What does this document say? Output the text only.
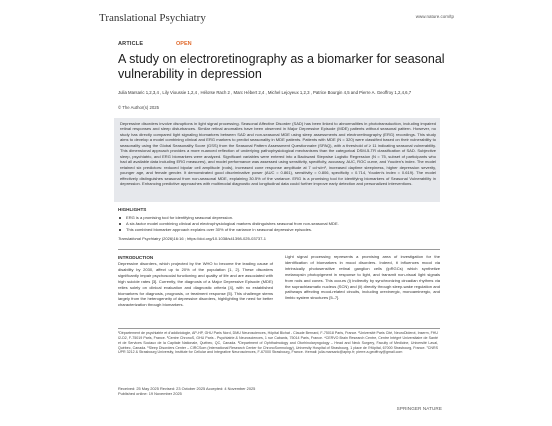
Translational Psychiatry	www.nature.com/tp
ARTICLE	OPEN
A study on electroretinography as a biomarker for seasonal vulnerability in depression
Julia Marsaric 1,2,3,4 , Lily Vioussie 1,2,4 , Héloïse Rach 2 , Marc Hébert 2,4 , Michel Lejoyeux 1,2,3 , Patrice Bourgin 4,5 and Pierre A. Geoffroy 1,2,4,6,7
© The Author(s) 2025
Depressive disorders involve disruptions in light signal processing. Seasonal Affective Disorder (SAD) has been linked to abnormalities in phototransduction, including impaired retinal responses and sleep disturbances. Similar retinal anomalies have been observed in Major Depressive Episode (MDE) patients without seasonal pattern. However, no study has directly compared light signaling biomarkers between SAD and non-seasonal MDE using sleep assessments and electroretinography (ERG) recordings. This study aims to develop a model combining clinical and ERG markers to predict seasonality in MDE patients. Patients with MDE (N = 320) were classified based on their vulnerability to seasonality using the Global Seasonality Score (GSS) from the Seasonal Pattern Assessment Questionnaire (SPAQ), with a threshold of ≥ 11 indicating seasonal vulnerability. This dimensional approach provides a more nuanced reflection of underlying pathophysiological mechanisms than the categorical DSM-5-TR classification of SAD. Subjective sleep, psychiatric, and ERG biomarkers were analyzed. Significant variables were entered into a Backward Stepwise Logistic Regression (N = 75, subset of participants who had all available data including ERG measures), and model performance was assessed using sensitivity, specificity, accuracy, AUC, ROC curve, and Youden's index. The model retained six predictors: reduced bipolar cell amplitude (rods), increased cone response amplitude at 7 cd·s/m², increased daytime sleepiness, higher depression severity, younger age, and female gender. It demonstrated good discriminative power (AUC = 0.861), sensitivity = 0.806, specificity = 0.714, Youden's index = 0.619). The model effectively distinguishes seasonal from non-seasonal MDE, explaining 30.5% of the variance. ERG is a promising tool for identifying biomarkers of Seasonal Vulnerability in depression. Enhancing predictive approaches with multimodal diagnostic and longitudinal data could further improve early detection and personalized interventions.
HIGHLIGHTS
ERG is a promising tool for identifying seasonal depression.
A six-factor model combining clinical and electrophysiological markers distinguishes seasonal from non-seasonal MDE.
This combined biomarker approach explains over 30% of the variance in seasonal depressive episodes.
Translational Psychiatry (2026)16:16 ; https://doi.org/10.1038/s41398-025-03737-1
INTRODUCTION
Depressive disorders, which projected by the WHO to become the leading cause of disability by 2030, affect up to 20% of the population [1, 2]. These disorders significantly impair psychosocial functioning and quality of life and are associated with high suicide rates [3]. Currently, the diagnosis of a Major Depressive Episode (MDE) relies solely on clinical evaluation and diagnostic criteria [4], with no established biomarkers for diagnosis, prognosis, or treatment response [5]. This challenge stems largely from the heterogeneity of depressive disorders, highlighting the need for better characterization through biomarkers.
Light signal processing represents a promising area of investigation for the identification of biomarkers in mood disorders. Indeed, it influences mood via intrinsically photosensitive retinal ganglion cells (ipRGCs) which synthetize melanopsin photopigment in response to light, and transmit non-visual light signals from rods and cones. This occurs (i) indirectly by synchronizing circadian rhythms via the suprachiasmatic nucleus (SCN) and (ii) directly through sleep-wake regulation and pathways affecting mood-related circuits, including orexinergic, monoaminergic, and limbic system structures [5–7].
¹Département de psychiatrie et d'addictologie, AP-HP, GHU Paris Nord, DMU Neurosciences, Hôpital Bichat - Claude Bernard, F-75018 Paris, France. ²Université Paris Cité, NeuroDiderot, Inserm, FHU I2-D2, F-75019 Paris, France. ³Centre ChronoS, GHU Paris - Psychiatrie & Neurosciences, 1 rue Cabanis, 75014 Paris, France. ⁴CERVO Brain Research Centre, Centre Intégré Universitaire de Santé et de Services Sociaux de la Capitale Nationale, Québec, QC, Canada. ⁵Department of Ophthalmology and Otorhinolaryngology – Head and Neck Surgery, Faculty of Medicine, Université Laval, Québec, Canada. ⁶Sleep Disorders Center – CIRCSom (International Research Center for ChronoSomnology), University Hospital of Strasbourg, 1 place de l'Hôpital, 67000 Strasbourg, France. ⁷CNRS UPR 3212 & Strasbourg University, Institute for Cellular and Integrative Neurosciences, F-67000 Strasbourg, France. ✉email: julia.marsaric@aphp.fr; pierre.a.geoffroy@gmail.com
Received: 25 May 2025 Revised: 23 October 2025 Accepted: 4 November 2025
Published online: 19 November 2025
SPRINGER NATURE
